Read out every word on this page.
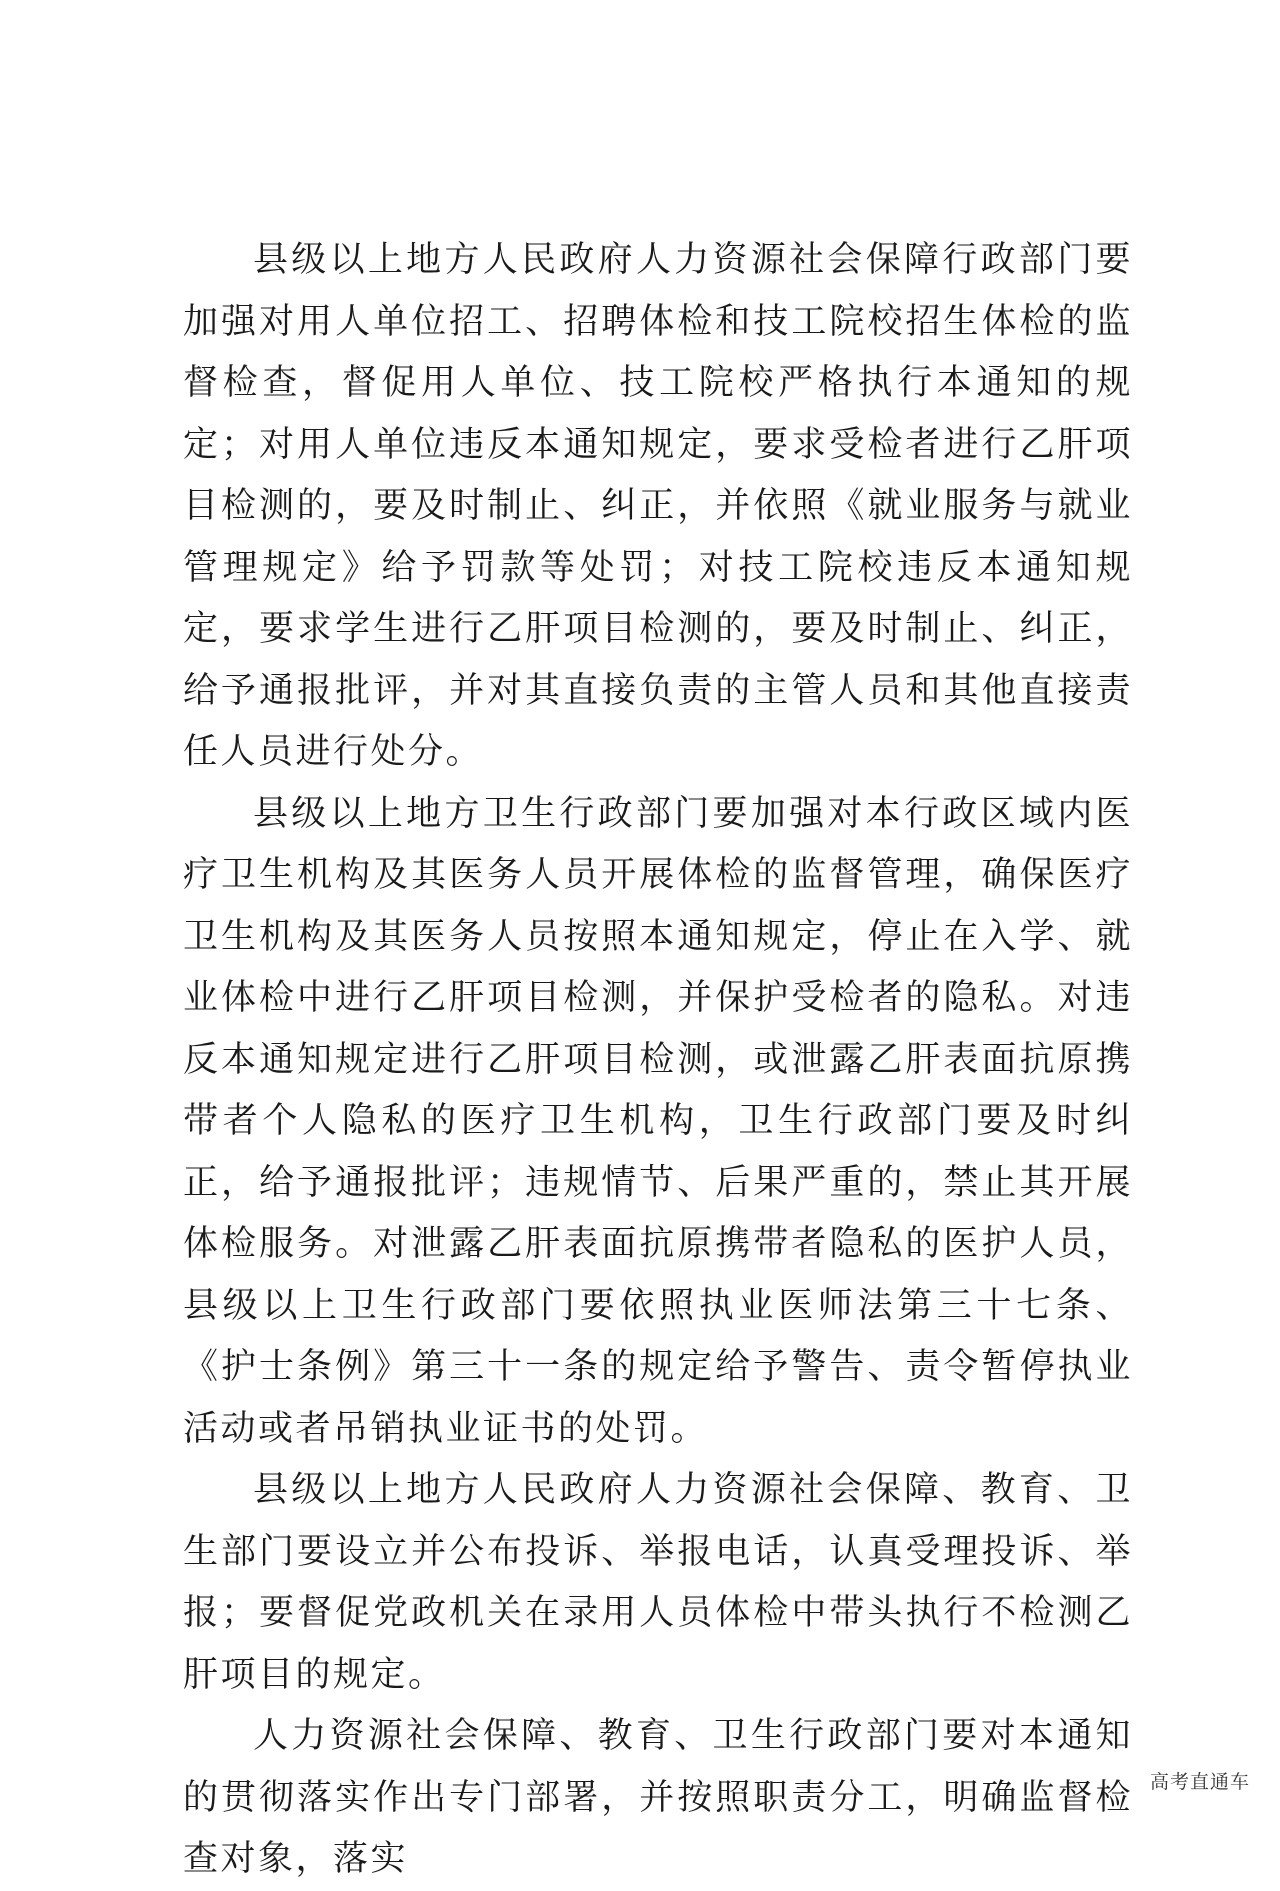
县级以上地方人民政府人力资源社会保障行政部门要加强对用人单位招工、招聘体检和技工院校招生体检的监督检查，督促用人单位、技工院校严格执行本通知的规定；对用人单位违反本通知规定，要求受检者进行乙肝项目检测的，要及时制止、纠正，并依照《就业服务与就业管理规定》给予罚款等处罚；对技工院校违反本通知规定，要求学生进行乙肝项目检测的，要及时制止、纠正，给予通报批评，并对其直接负责的主管人员和其他直接责任人员进行处分。

县级以上地方卫生行政部门要加强对本行政区域内医疗卫生机构及其医务人员开展体检的监督管理，确保医疗卫生机构及其医务人员按照本通知规定，停止在入学、就业体检中进行乙肝项目检测，并保护受检者的隐私。对违反本通知规定进行乙肝项目检测，或泄露乙肝表面抗原携带者个人隐私的医疗卫生机构，卫生行政部门要及时纠正，给予通报批评；违规情节、后果严重的，禁止其开展体检服务。对泄露乙肝表面抗原携带者隐私的医护人员，县级以上卫生行政部门要依照执业医师法第三十七条、《护士条例》第三十一条的规定给予警告、责令暂停执业活动或者吊销执业证书的处罚。

县级以上地方人民政府人力资源社会保障、教育、卫生部门要设立并公布投诉、举报电话，认真受理投诉、举报；要督促党政机关在录用人员体检中带头执行不检测乙肝项目的规定。

人力资源社会保障、教育、卫生行政部门要对本通知的贯彻落实作出专门部署，并按照职责分工，明确监督检查对象，落实

高考直通车
